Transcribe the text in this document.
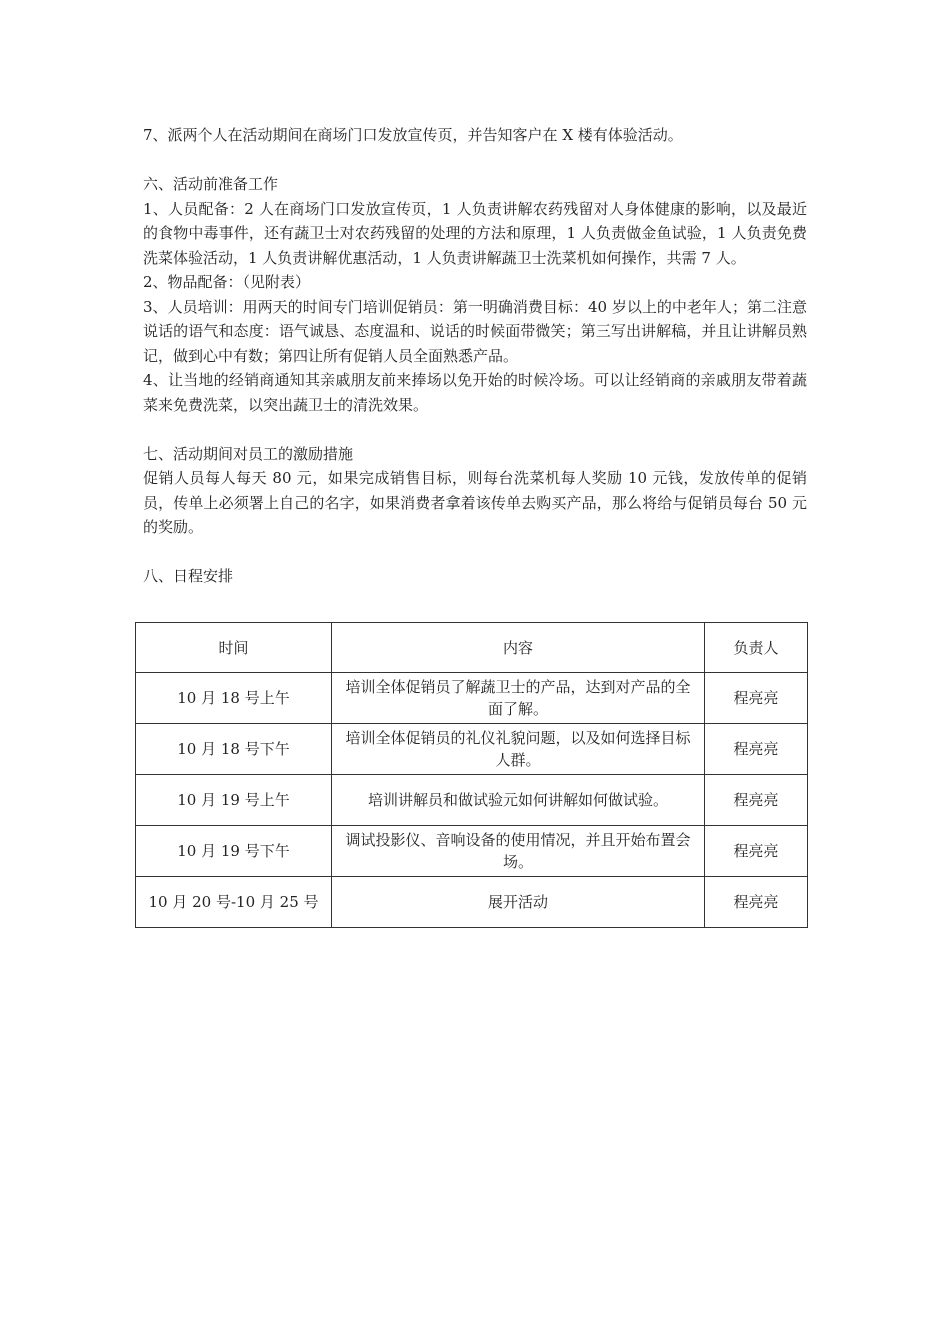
7、派两个人在活动期间在商场门口发放宣传页，并告知客户在 X 楼有体验活动。

六、活动前准备工作

1、人员配备：2 人在商场门口发放宣传页，1 人负责讲解农药残留对人身体健康的影响，以及最近的食物中毒事件，还有蔬卫士对农药残留的处理的方法和原理，1 人负责做金鱼试验，1 人负责免费洗菜体验活动，1 人负责讲解优惠活动，1 人负责讲解蔬卫士洗菜机如何操作，共需 7 人。

2、物品配备：（见附表）

3、人员培训：用两天的时间专门培训促销员：第一明确消费目标：40 岁以上的中老年人；第二注意说话的语气和态度：语气诚恳、态度温和、说话的时候面带微笑；第三写出讲解稿，并且让讲解员熟记，做到心中有数；第四让所有促销人员全面熟悉产品。

4、让当地的经销商通知其亲戚朋友前来捧场以免开始的时候冷场。可以让经销商的亲戚朋友带着蔬菜来免费洗菜，以突出蔬卫士的清洗效果。

七、活动期间对员工的激励措施

促销人员每人每天 80 元，如果完成销售目标，则每台洗菜机每人奖励 10 元钱，发放传单的促销员，传单上必须署上自己的名字，如果消费者拿着该传单去购买产品，那么将给与促销员每台 50 元的奖励。

八、日程安排

时间	内容	负责人
10 月 18 号上午	培训全体促销员了解蔬卫士的产品，达到对产品的全面了解。	程亮亮
10 月 18 号下午	培训全体促销员的礼仪礼貌问题，以及如何选择目标人群。	程亮亮
10 月 19 号上午	培训讲解员和做试验元如何讲解如何做试验。	程亮亮
10 月 19 号下午	调试投影仪、音响设备的使用情况，并且开始布置会场。	程亮亮
10 月 20 号-10 月 25 号	展开活动	程亮亮
